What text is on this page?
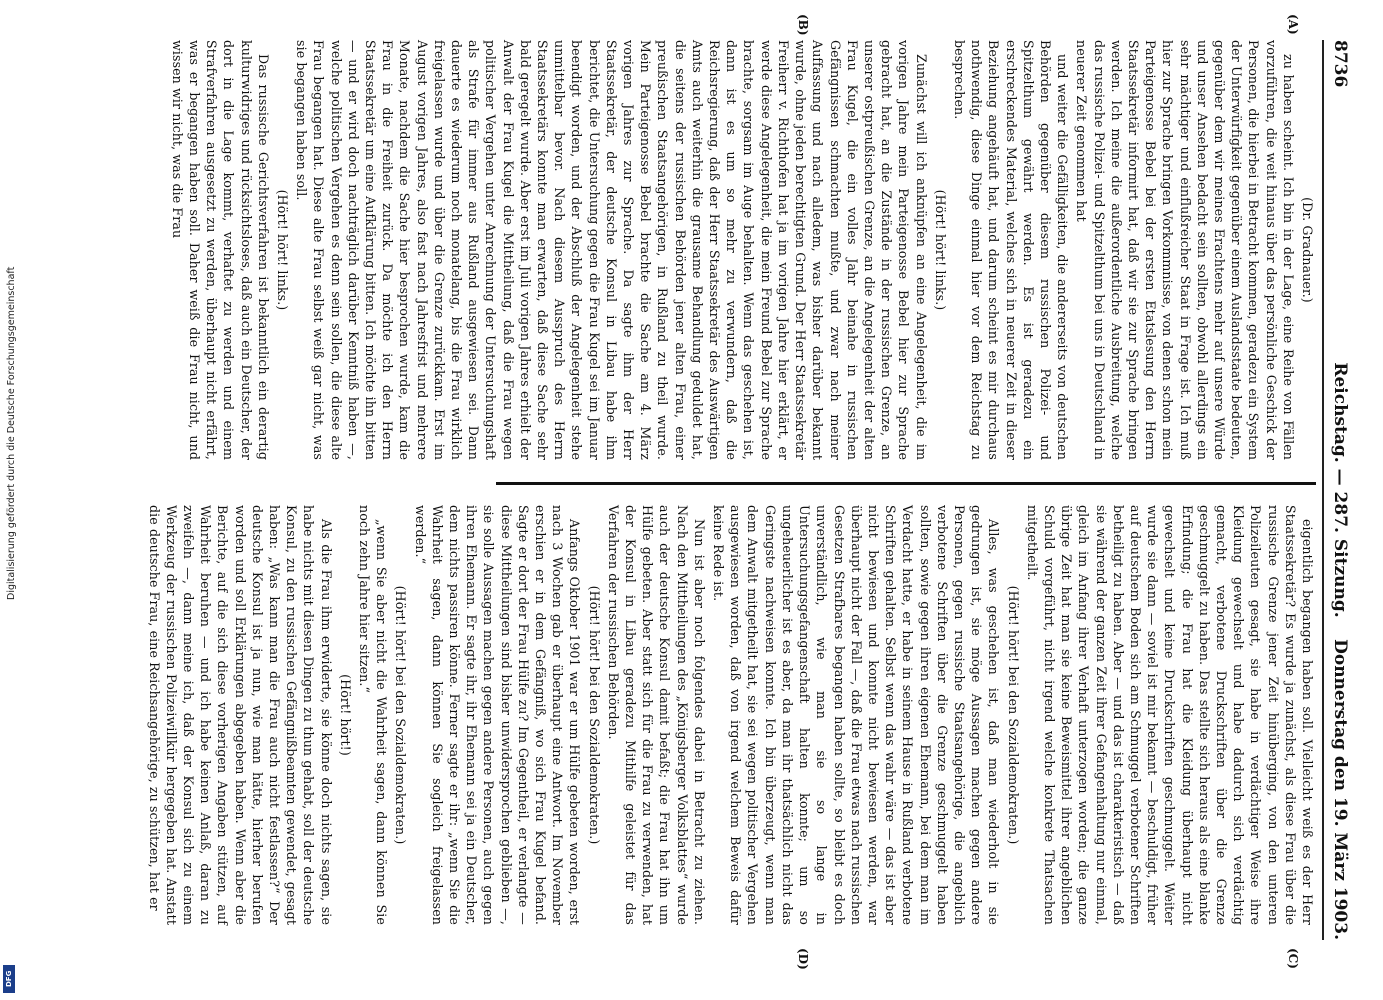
8736
Reichstag. — 287. Sitzung.
Donnerstag den 19. März 1903.
(A)
(B)
(C)
(D)

(Dr. Gradnauer.)

zu haben scheint. Ich bin in der Lage, eine Reihe von Fällen vorzuführen, die weit hinaus über das persönliche Geschick der Personen, die hierbei in Betracht kommen, geradezu ein System der Unterwürfigkeit gegenüber einem Auslandsstaate bedeuten, gegenüber dem wir meines Erachtens mehr auf unsere Würde und unser Ansehen bedacht sein sollten, obwohl allerdings ein sehr mächtiger und einflußreicher Staat in Frage ist. Ich muß hier zur Sprache bringen Vorkommnisse, von denen schon mein Parteigenosse Bebel bei der ersten Etatslesung den Herrn Staatssekretär informirt hat, daß wir sie zur Sprache bringen werden. Ich meine die außerordentliche Ausbreitung, welche das russische Polizei- und Spitzelthum bei uns in Deutschland in neuerer Zeit genommen hat

und weiter die Gefälligkeiten, die andererseits von deutschen Behörden gegenüber diesem russischen Polizei- und Spitzelthum gewährt werden. Es ist geradezu ein erschreckendes Material, welches sich in neuerer Zeit in dieser Beziehung angehäuft hat, und darum scheint es mir durchaus nothwendig, diese Dinge einmal hier vor dem Reichstag zu besprechen.

(Hört! hört! links.)

Zunächst will ich anknüpfen an eine Angelegenheit, die im vorigen Jahre mein Parteigenosse Bebel hier zur Sprache gebracht hat, an die Zustände in der russischen Grenze, an unserer ostpreußischen Grenze, an die Angelegenheit der alten Frau Kugel, die ein volles Jahr beinahe in russischen Gefängnissen schmachten mußte, und zwar nach meiner Auffassung und nach alledem, was bisher darüber bekannt wurde, ohne jeden berechtigten Grund. Der Herr Staatssekretär Freiherr v. Richthofen hat ja im vorigen Jahre hier erklärt, er werde diese Angelegenheit, die mein Freund Bebel zur Sprache brachte, sorgsam im Auge behalten. Wenn das geschehen ist, dann ist es um so mehr zu verwundern, daß die Reichsregierung, daß der Herr Staatssekretär des Auswärtigen Amts auch weiterhin die grausame Behandlung geduldet hat, die seitens der russischen Behörden jener alten Frau, einer preußischen Staatsangehörigen, in Rußland zu theil wurde. Mein Parteigenosse Bebel brachte die Sache am 4. März vorigen Jahres zur Sprache. Da sagte ihm der Herr Staatssekretär, der deutsche Konsul in Libau habe ihm berichtet, die Untersuchung gegen die Frau Kugel sei im Januar beendigt worden, und der Abschluß der Angelegenheit stehe unmittelbar bevor. Nach diesem Ausspruch des Herrn Staatssekretärs konnte man erwarten, daß diese Sache sehr bald geregelt wurde. Aber erst im Juli vorigen Jahres erhielt der Anwalt der Frau Kugel die Mittheilung, daß die Frau wegen politischer Vergehen unter Anrechnung der Untersuchungshaft als Strafe für immer aus Rußland ausgewiesen sei. Dann dauerte es wiederum noch monatelang, bis die Frau wirklich freigelassen wurde und über die Grenze zurückkam. Erst im August vorigen Jahres, also fast nach Jahresfrist und mehrere Monate, nachdem die Sache hier besprochen wurde, kam die Frau in die Freiheit zurück. Da möchte ich den Herrn Staatssekretär um eine Aufklärung bitten. Ich möchte ihn bitten — und er wird doch nachträglich darüber Kenntniß haben —, welche politischen Vergehen es denn sein sollen, die diese alte Frau begangen hat. Diese alte Frau selbst weiß gar nicht, was sie begangen haben soll.

(Hört! hört! links.)

Das russische Gerichtsverfahren ist bekanntlich ein derartig kulturwidriges und rücksichtsloses, daß auch ein Deutscher, der dort in die Lage kommt, verhaftet zu werden und einem Strafverfahren ausgesetzt zu werden, überhaupt nicht erfährt, was er begangen haben soll. Daher weiß die Frau nicht, und wissen wir nicht, was die Frau

eigentlich begangen haben soll. Vielleicht weiß es der Herr Staatssekretär? Es wurde ja zunächst, als diese Frau über die russische Grenze jener Zeit hinüberging, von den unteren Polizeileuten gesagt, sie habe in verdächtiger Weise ihre Kleidung gewechselt und habe dadurch sich verdächtig gemacht, verbotene Druckschriften über die Grenze geschmuggelt zu haben. Das stellte sich heraus als eine blanke Erfindung; die Frau hat die Kleidung überhaupt nicht gewechselt und keine Druckschriften geschmuggelt. Weiter wurde sie dann — soviel ist mir bekannt — beschuldigt, früher auf deutschem Boden sich am Schmuggel verbotener Schriften betheiligt zu haben. Aber — und das ist charakteristisch — daß sie während der ganzen Zeit ihrer Gefangenhaltung nur einmal, gleich im Anfang ihrer Verhaft unterzogen worden; die ganze übrige Zeit hat man sie keine Beweismittel ihrer angeblichen Schuld vorgeführt, nicht irgend welche konkrete Thatsachen mitgetheilt.

(Hört! hört! bei den Sozialdemokraten.)

Alles, was geschehen ist, daß man wiederholt in sie gedrungen ist, sie möge Aussagen machen gegen andere Personen, gegen russische Staatsangehörige, die angeblich verbotene Schriften über die Grenze geschmuggelt haben sollten, sowie gegen ihren eigenen Ehemann, bei dem man im Verdacht hatte, er habe in seinem Hause in Rußland verbotene Schriften gehalten. Selbst wenn das wahr wäre — das ist aber nicht bewiesen und konnte nicht bewiesen werden, war überhaupt nicht der Fall —, daß die Frau etwas nach russischen Gesetzen Strafbares begangen haben sollte, so bleibt es doch unverständlich, wie man sie so lange in Untersuchungsgefangenschaft halten konnte; um so ungeheuerlicher ist es aber, da man ihr thatsächlich nicht das Geringste nachweisen konnte. Ich bin überzeugt, wenn man dem Anwalt mitgetheilt hat, sie sei wegen politischer Vergehen ausgewiesen worden, daß von irgend welchem Beweis dafür keine Rede ist.

Nun ist aber noch folgendes dabei in Betracht zu ziehen. Nach den Mittheilungen des „Königsberger Volksblattes“ wurde auch der deutsche Konsul damit befaßt; die Frau hat ihn um Hülfe gebeten. Aber statt sich für die Frau zu verwenden, hat der Konsul in Libau geradezu Mithilfe geleistet für das Verfahren der russischen Behörden.

(Hört! hört! bei den Sozialdemokraten.)

Anfangs Oktober 1901 war er um Hülfe gebeten worden, erst nach 3 Wochen gab er überhaupt eine Antwort. Im November erschien er in dem Gefängniß, wo sich Frau Kugel befand. Sagte er dort der Frau Hülfe zu? Im Gegentheil, er verlangte — diese Mittheilungen sind bisher unwidersprochen geblieben —, sie solle Aussagen machen gegen andere Personen, auch gegen ihren Ehemann. Er sagte ihr, ihr Ehemann sei ja ein Deutscher, dem nichts passiren könne. Ferner sagte er ihr: „wenn Sie die Wahrheit sagen, dann können Sie sogleich freigelassen werden.“

(Hört! hört! bei den Sozialdemokraten.)

„wenn Sie aber nicht die Wahrheit sagen, dann können Sie noch zehn Jahre hier sitzen.“

(Hört! hört!)

Als die Frau ihm erwiderte, sie könne doch nichts sagen, sie habe nichts mit diesen Dingen zu thun gehabt, soll der deutsche Konsul, zu den russischen Gefängnißbeamten gewendet, gesagt haben: „Was kann man die Frau auch nicht festlassen?“ Der deutsche Konsul ist ja nun, wie man hätte, hierher berufen worden und soll Erklärungen abgegeben haben. Wenn aber die Berichte, auf die sich diese vorherigen Angaben stützen, auf Wahrheit beruhen — und ich habe keinen Anlaß, daran zu zweifeln —, dann meine ich, daß der Konsul sich zu einem Werkzeug der russischen Polizeiwillkür hergegeben hat. Anstatt die deutsche Frau, eine Reichsangehörige, zu schützen, hat er

Digitalisierung gefördert durch die Deutsche Forschungsgemeinschaft
DFG
